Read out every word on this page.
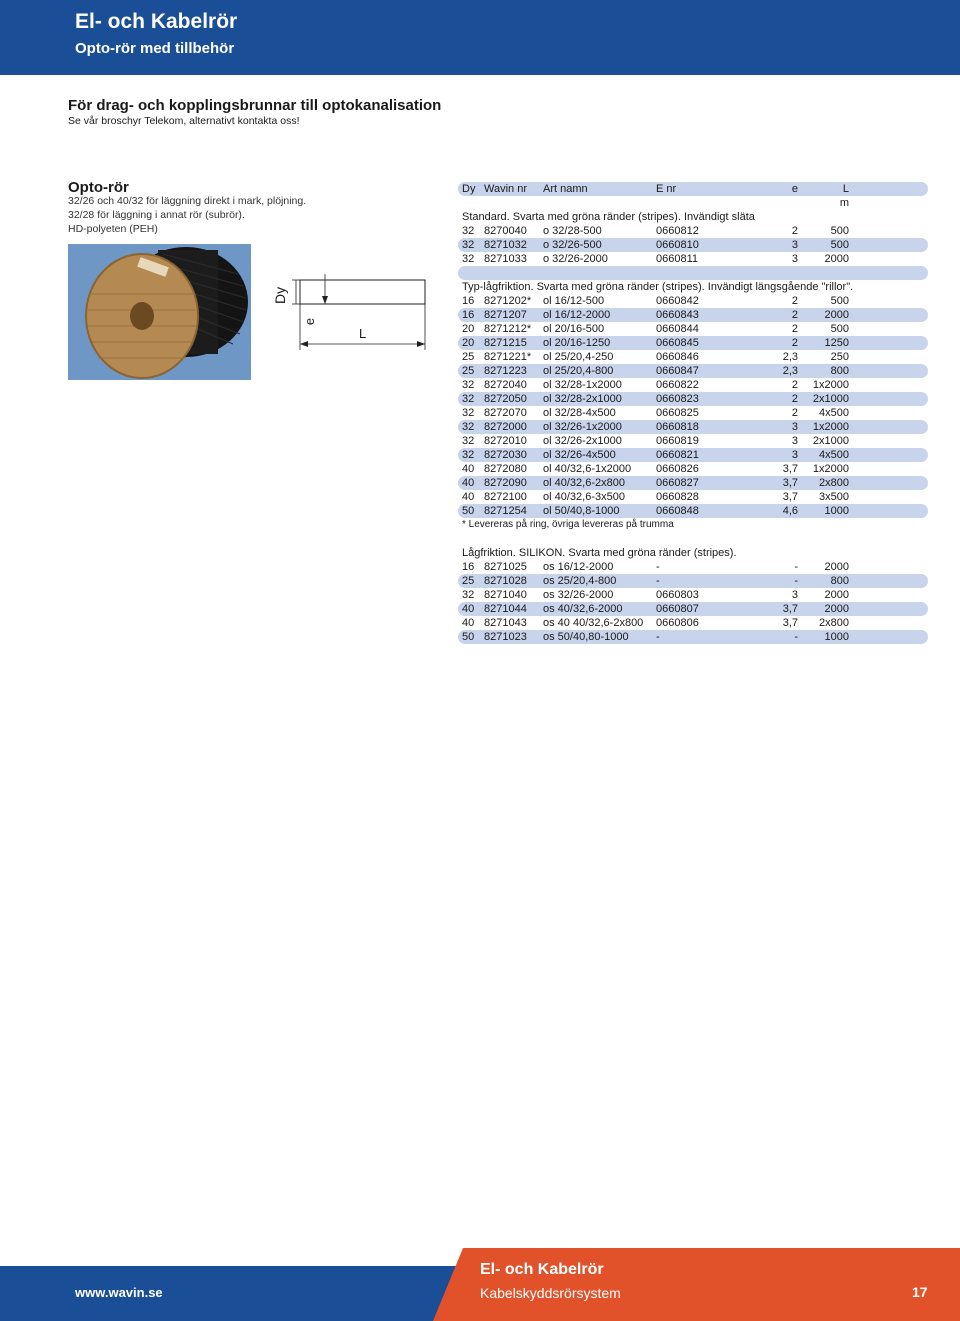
El- och Kabelrör
Opto-rör med tillbehör
För drag- och kopplingsbrunnar till optokanalisation
Se vår broschyr Telekom, alternativt kontakta oss!
Opto-rör
32/26 och 40/32 för läggning direkt i mark, plöjning.
32/28 för läggning i annat rör (subrör).
HD-polyeten (PEH)
Dy
e
L
Dy Wavin nr Art namn	E nr	e	L
m
Standard. Svarta med gröna ränder (stripes). Invändigt släta
32 8270040 o 32/28-500	0660812	2	500
32 8271032 o 32/26-500	0660810	3	500
32 8271033 o 32/26-2000	0660811	3	2000
Typ-lågfriktion. Svarta med gröna ränder (stripes). Invändigt längsgående "rillor".
16 8271202* ol 16/12-500	0660842	2	500
16 8271207 ol 16/12-2000	0660843	2	2000
20 8271212* ol 20/16-500	0660844	2	500
20 8271215 ol 20/16-1250	0660845	2	1250
25 8271221* ol 25/20,4-250	0660846	2,3	250
25 8271223 ol 25/20,4-800	0660847	2,3	800
32 8272040 ol 32/28-1x2000	0660822	2	1x2000
32 8272050 ol 32/28-2x1000	0660823	2	2x1000
32 8272070 ol 32/28-4x500	0660825	2	4x500
32 8272000 ol 32/26-1x2000	0660818	3	1x2000
32 8272010 ol 32/26-2x1000	0660819	3	2x1000
32 8272030 ol 32/26-4x500	0660821	3	4x500
40 8272080 ol 40/32,6-1x2000 0660826	3,7	1x2000
40 8272090 ol 40/32,6-2x800	0660827	3,7	2x800
40 8272100 ol 40/32,6-3x500	0660828	3,7	3x500
50 8271254 ol 50/40,8-1000	0660848	4,6	1000
* Levereras på ring, övriga levereras på trumma
Lågfriktion. SILIKON. Svarta med gröna ränder (stripes).
16 8271025 os 16/12-2000	-	-	2000
25 8271028 os 25/20,4-800	-	-	800
32 8271040 os 32/26-2000	0660803	3	2000
40 8271044 os 40/32,6-2000	0660807	3,7	2000
40 8271043 os 40 40/32,6-2x800 0660806	3,7	2x800
50 8271023 os 50/40,80-1000 -	-	1000
www.wavin.se
El- och Kabelrör
Kabelskyddsrörsystem	17
